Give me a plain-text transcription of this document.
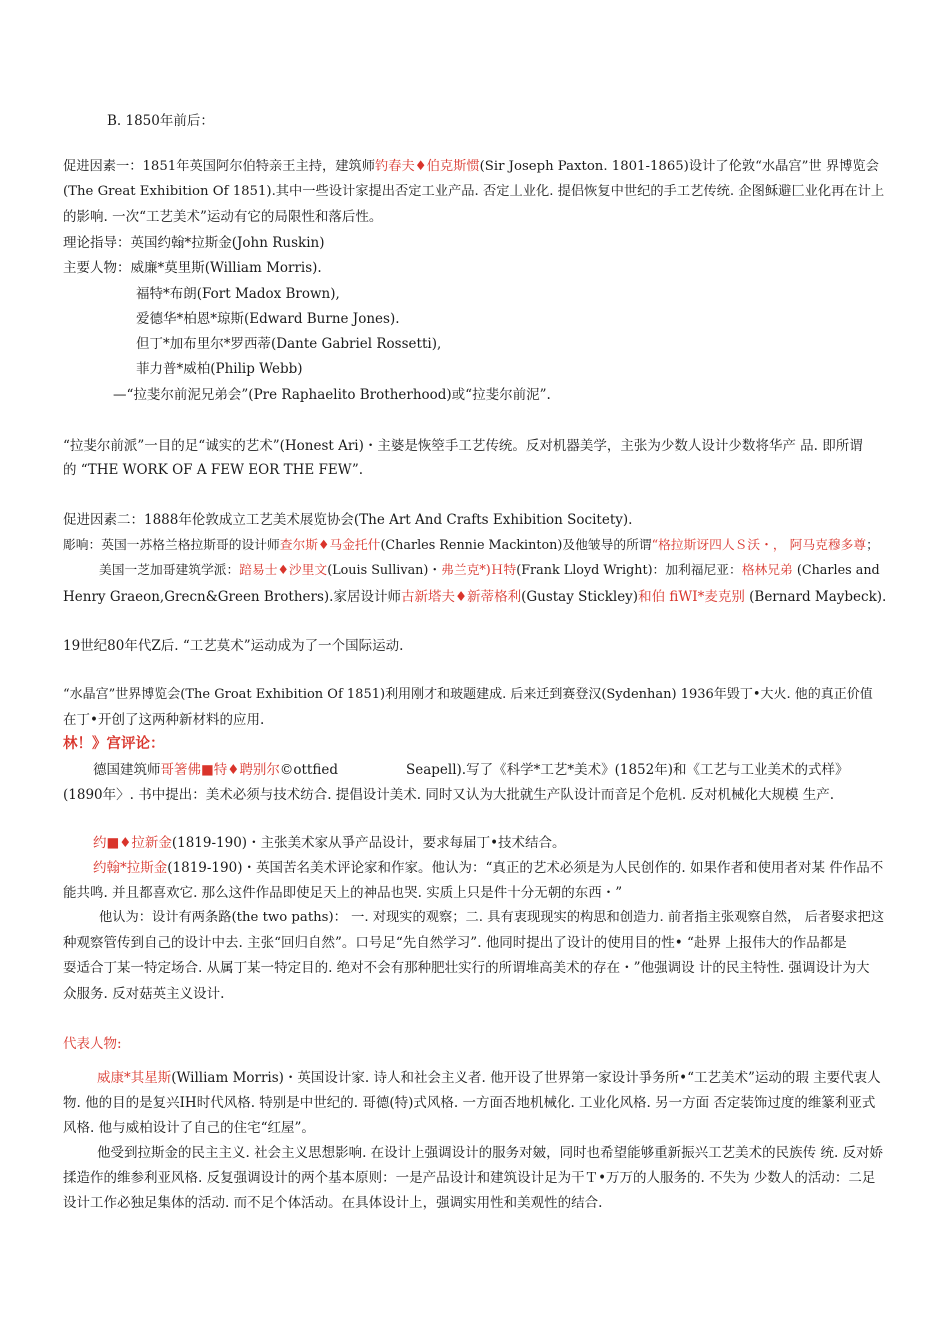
B. 1850年前后：
促进因素一：1851年英国阿尔伯特亲王主持，建筑师钓春夫♦伯克斯惯(Sir Joseph Paxton. 1801-1865)设计了伦敦“水晶宫”世 界博览会
(The Great Exhibition Of 1851).其中一些设计家提出否定工业产品. 否定丄业化. 提侣恢复中世纪的手工艺传统. 企图稣避匚业化再在计上
的影响. 一次“工艺美术”运动有它的局限性和落后性。
理论指导：英国约翰*拉斯金(John Ruskin)
主要人物：威廉*莫里斯(William Morris).
福特*布朗(Fort Madox Brown),
爱德华*柏恩*琼斯(Edward Burne Jones).
但丁*加布里尔*罗西蒂(Dante Gabriel Rossetti),
菲力普*威柏(Philip Webb)
—“拉斐尔前泥兄弟会”(Pre Raphaelito Brotherhood)或“拉斐尔前泥”.
“拉斐尔前派”一目的足“诚实的艺术”(Honest Ari)・主婆是恢箜手工艺传统。反对机器美学，主张为少数人设计少数将华产 品. 即所谓
的 “THE WORK OF A FEW EOR THE FEW”.
促进因素二：1888年伦敦成立工艺美术展览协会(The Art And Crafts Exhibition Socitety).
彫响：英国一苏格兰格拉斯哥的设计师查尔斯♦马金托什(Charles Rennie Mackinton)及他皱导的所谓“格拉斯讶四人Ｓ沃・， 阿马克穆多尊；
美国一芝加哥建筑学派：踣易士♦沙里文(Louis Sullivan)・弗兰克*)Ｈ特(Frank Lloyd Wright)：加利福尼亚：格林兄弟 (Charles and
Henry Graeon,Grecn&Green Brothers).家居设计师古新塔夫♦新蒂格利(Gustay Stickley)和伯 fiWI*麦克别 (Bernard Maybeck).
19世纪80年代Z后. “工艺莫术”运动成为了一个国际运动.
“水晶宫”世界博览会(The Groat Exhibition Of 1851)利用刚才和玻题建成. 后来迁到赛登汉(Sydenhan) 1936年毁丁•大火. 他的真正价值
在丁•开创了这两种新材料的应用.
林！》宫评论：
德国建筑师哥箸佛■特♦聘别尔©ottfied	Seapell).写了《科学*工艺*美术》(1852年)和《工艺与工业美术的式样》
(1890年〉. 书中提出：美术必须与技术纺合. 提倡设计美术. 同时又认为大批就生产队设计而音足个危机. 反对机械化大规模 生产.
约■♦拉新金(1819-190)・主张美术家从爭产品设计，要求每届丁•技术结合。
约翰*拉斯金(1819-190)・英国苦名美术评论家和作家。他认为：“真正的艺术必须是为人民创作的. 如果作者和使用者对某 件作品不
能共鸣. 并且都喜欢它. 那么这件作品即使足天上的神品也哭. 实质上只是件十分无朝的东西・”
他认为：设计有两条路(the two paths)： 一. 对现实的观察；二. 具有衷现现实的构思和创造力. 前者指主张观察自然， 后者娶求把这
种观察管传到自己的设计中去. 主张“回归自然”。口号足“先自然学习”. 他同时提出了设计的使用目的性• “赴界 上报伟大的作品都是
耍适合丁某一特定场合. 从属丁某一特定目的. 绝对不会有那种肥壮实行的所谓堆高美术的存在・”他强调设 计的民主特性. 强调设计为大
众服务. 反对菇英主义设计.
代表人物:
威康*其星斯(William Morris)・英国设计家. 诗人和社会主义者. 他开设了世界第一家设计爭务所•“工艺美术”运动的瑕 主要代衷人
物. 他的目的是复兴IH时代风格. 特别是中世纪的. 哥德(特)式风格. 一方面否地机械化. 工业化风格. 另一方面 否定装饰过度的维篆利亚式
风格. 他与威柏设计了自己的住宅“红屋”。
他受到拉斯金的民主主义. 社会主义思想影响. 在设计上强调设计的服务对皴，同时也希望能够重新振兴工艺美术的民族传 统. 反对娇
揉造作的维参利亚风格. 反复强调设计的两个基本原则：一是产品设计和建筑设计足为干Ｔ•万万的人服务的. 不失为 少数人的活动：二足
设计工作必独足集体的活动. 而不足个体活动。在具体设计上，强调实用性和美观性的结合.
